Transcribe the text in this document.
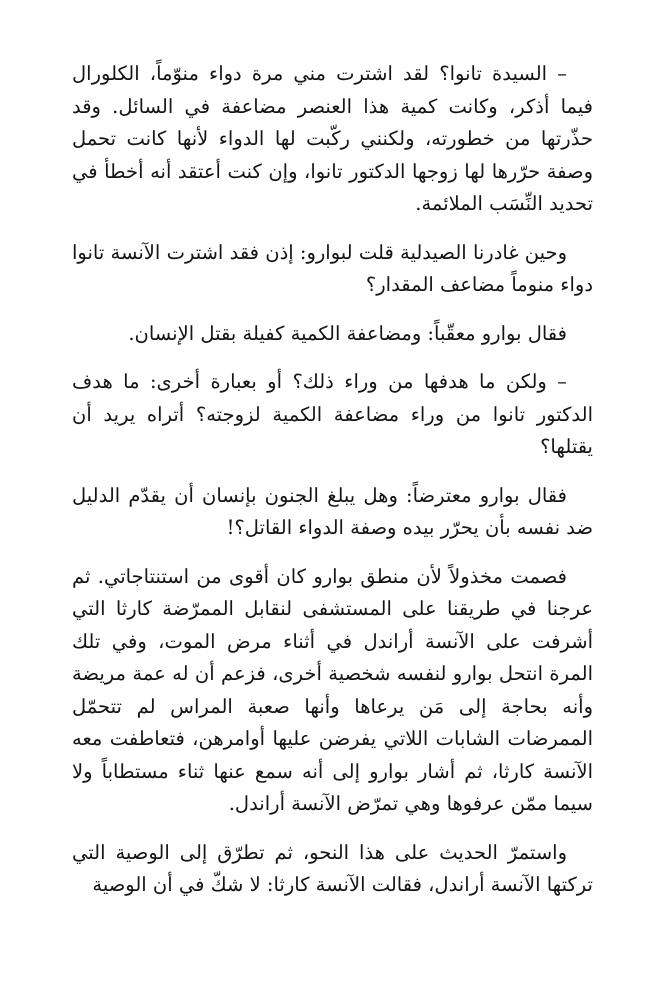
– السيدة تانوا؟ لقد اشترت مني مرة دواء منوّماً، الكلورال فيما أذكر، وكانت كمية هذا العنصر مضاعفة في السائل. وقد حذّرتها من خطورته، ولكنني ركّبت لها الدواء لأنها كانت تحمل وصفة حرّرها لها زوجها الدكتور تانوا، وإن كنت أعتقد أنه أخطأ في تحديد النِّسَب الملائمة.

وحين غادرنا الصيدلية قلت لبوارو: إذن فقد اشترت الآنسة تانوا دواء منوماً مضاعف المقدار؟

فقال بوارو معقّباً: ومضاعفة الكمية كفيلة بقتل الإنسان.

– ولكن ما هدفها من وراء ذلك؟ أو بعبارة أخرى: ما هدف الدكتور تانوا من وراء مضاعفة الكمية لزوجته؟ أتراه يريد أن يقتلها؟

فقال بوارو معترضاً: وهل يبلغ الجنون بإنسان أن يقدّم الدليل ضد نفسه بأن يحرّر بيده وصفة الدواء القاتل؟!

فصمت مخذولاً لأن منطق بوارو كان أقوى من استنتاجاتي. ثم عرجنا في طريقنا على المستشفى لنقابل الممرّضة كارثا التي أشرفت على الآنسة أراندل في أثناء مرض الموت، وفي تلك المرة انتحل بوارو لنفسه شخصية أخرى، فزعم أن له عمة مريضة وأنه بحاجة إلى مَن يرعاها وأنها صعبة المراس لم تتحمّل الممرضات الشابات اللاتي يفرضن عليها أوامرهن، فتعاطفت معه الآنسة كارثا، ثم أشار بوارو إلى أنه سمع عنها ثناء مستطاباً ولا سيما ممّن عرفوها وهي تمرّض الآنسة أراندل.

واستمرّ الحديث على هذا النحو، ثم تطرّق إلى الوصية التي تركتها الآنسة أراندل، فقالت الآنسة كارثا: لا شكّ في أن الوصية
